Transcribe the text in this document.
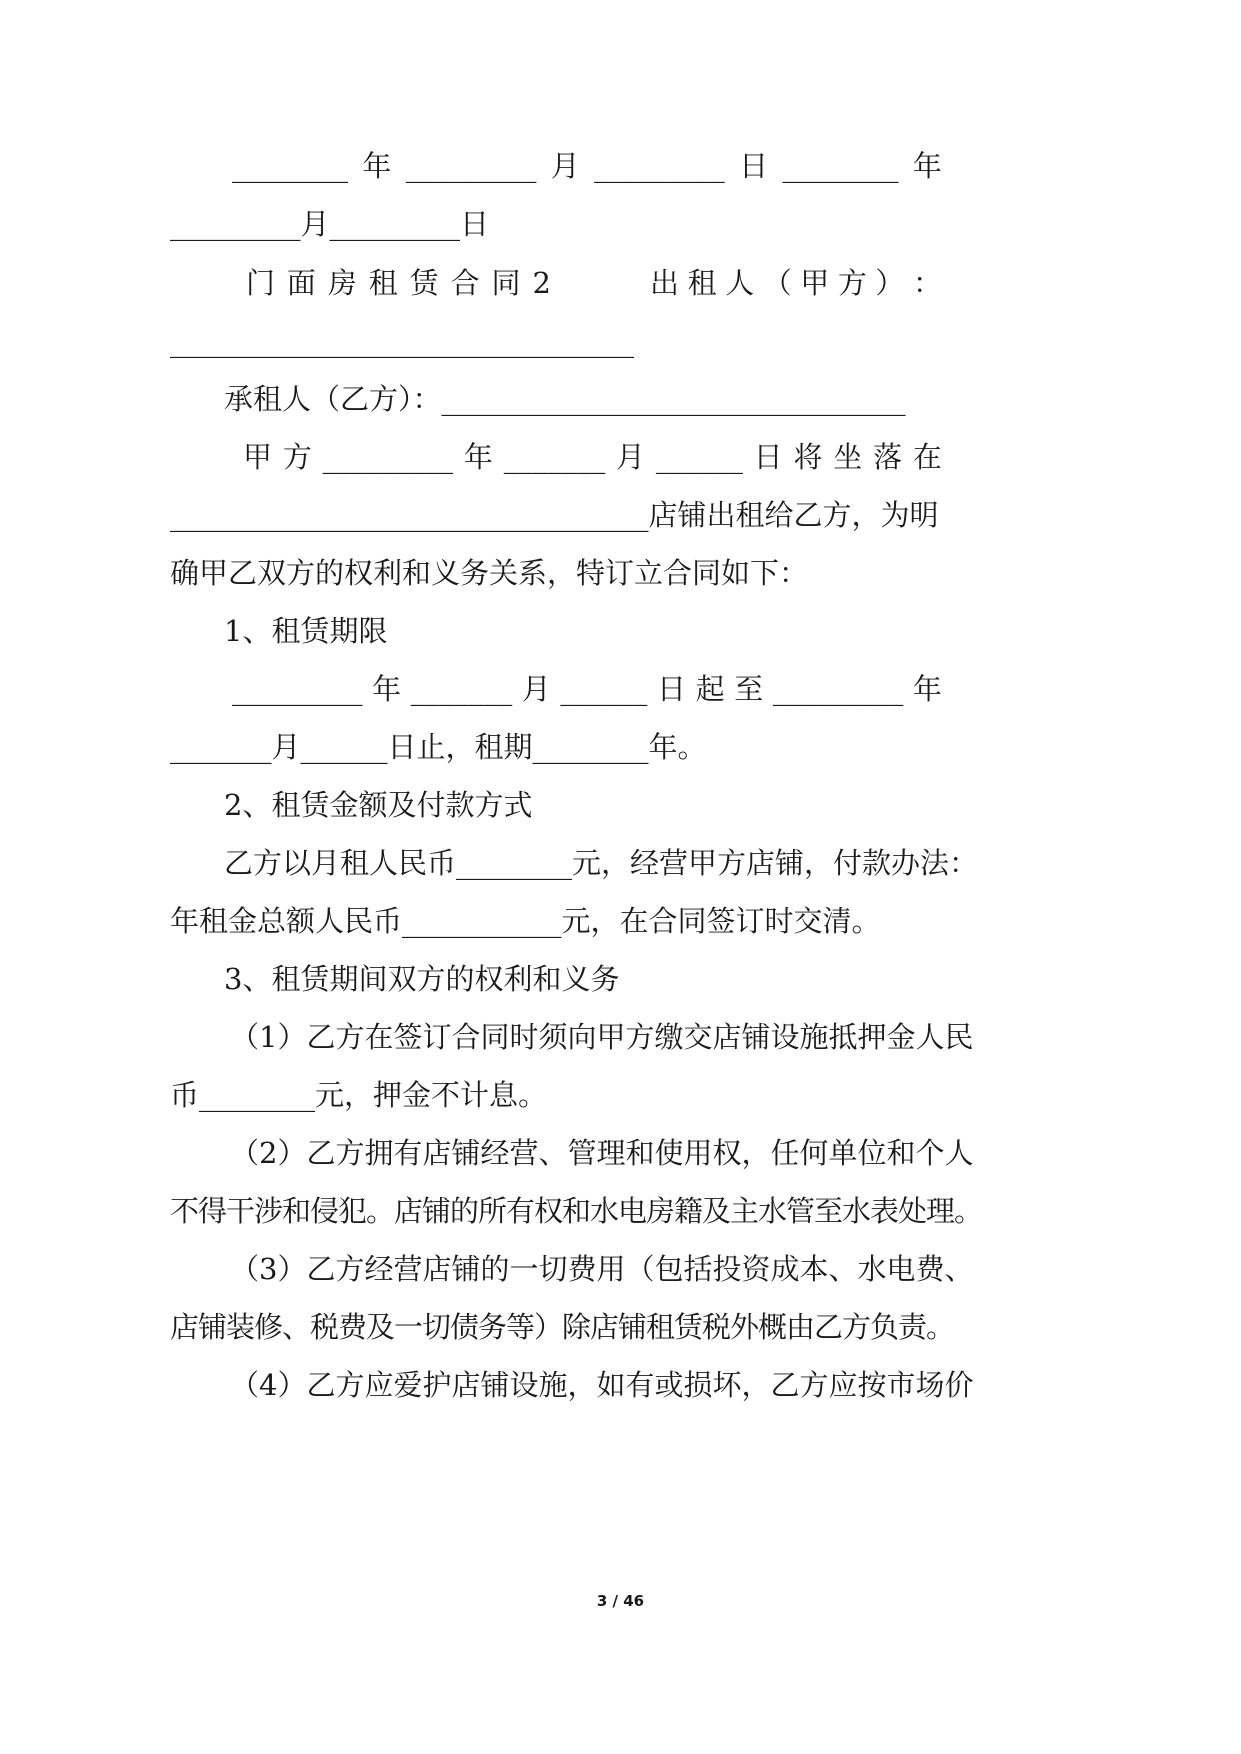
________ 年 _________ 月 _________ 日 ________ 年
_________月_________日

门 面 房 租 赁 合 同 2

	出 租 人 （ 甲 方 ） ：

________________________________
承租人（乙方）：________________________________
甲 方 _________ 年 _______ 月 ______ 日 将 坐 落 在
_________________________________店铺出租给乙方，为明
确甲乙双方的权利和义务关系，特订立合同如下：
1、租赁期限
_________ 年 _______ 月 ______ 日 起 至 _________ 年
_______月______日止，租期________年。
2、租赁金额及付款方式
乙方以月租人民币________元，经营甲方店铺，付款办法：
年租金总额人民币___________元，在合同签订时交清。
3、租赁期间双方的权利和义务
（1）乙方在签订合同时须向甲方缴交店铺设施抵押金人民
币________元，押金不计息。
（2）乙方拥有店铺经营、管理和使用权，任何单位和个人
不得干涉和侵犯。店铺的所有权和水电房籍及主水管至水表处理。
（3）乙方经营店铺的一切费用（包括投资成本、水电费、
店铺装修、税费及一切债务等）除店铺租赁税外概由乙方负责。
（4）乙方应爱护店铺设施，如有或损坏，乙方应按市场价
3 / 46
